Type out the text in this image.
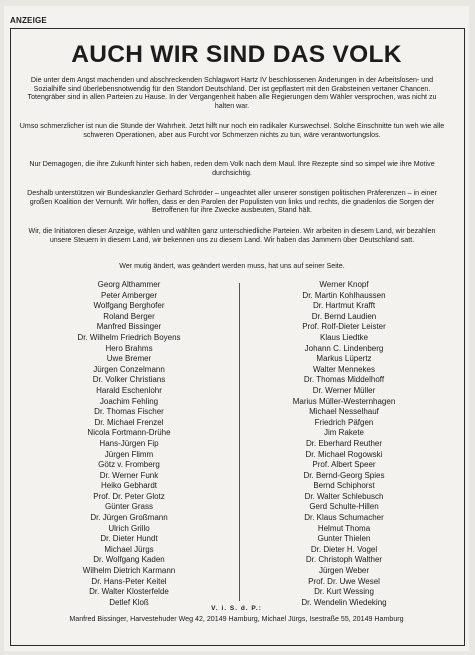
ANZEIGE
AUCH WIR SIND DAS VOLK

Die unter dem Angst machenden und abschreckenden Schlagwort Hartz IV beschlossenen Änderungen in der Arbeitslosen- und Sozialhilfe sind überlebensnotwendig für den Standort Deutschland. Der ist gepflastert mit den Grabsteinen vertaner Chancen. Totengräber sind in allen Parteien zu Hause. In der Vergangenheit haben alle Regierungen dem Wähler versprochen, was nicht zu halten war.

Umso schmerzlicher ist nun die Stunde der Wahrheit. Jetzt hilft nur noch ein radikaler Kurswechsel. Solche Einschnitte tun weh wie alle schweren Operationen, aber aus Furcht vor Schmerzen nichts zu tun, wäre verantwortungslos.

Nur Demagogen, die ihre Zukunft hinter sich haben, reden dem Volk nach dem Maul. Ihre Rezepte sind so simpel wie ihre Motive durchsichtig.

Deshalb unterstützen wir Bundeskanzler Gerhard Schröder – ungeachtet aller unserer sonstigen politischen Präferenzen – in einer großen Koalition der Vernunft. Wir hoffen, dass er den Parolen der Populisten von links und rechts, die gnadenlos die Sorgen der Betroffenen für ihre Zwecke ausbeuten, Stand hält.

Wir, die Initiatoren dieser Anzeige, wählen und wählten ganz unterschiedliche Parteien. Wir arbeiten in diesem Land, wir bezahlen unsere Steuern in diesem Land, wir bekennen uns zu diesem Land. Wir haben das Jammern über Deutschland satt.

Wer mutig ändert, was geändert werden muss, hat uns auf seiner Seite.

Georg Althammer
Peter Amberger
Wolfgang Berghofer
Roland Berger
Manfred Bissinger
Dr. Wilhelm Friedrich Boyens
Hero Brahms
Uwe Bremer
Jürgen Conzelmann
Dr. Volker Christians
Harald Eschenlohr
Joachim Fehling
Dr. Thomas Fischer
Dr. Michael Frenzel
Nicola Fortmann-Drühe
Hans-Jürgen Fip
Jürgen Flimm
Götz v. Fromberg
Dr. Werner Funk
Heiko Gebhardt
Prof. Dr. Peter Glotz
Günter Grass
Dr. Jürgen Großmann
Ulrich Grillo
Dr. Dieter Hundt
Michael Jürgs
Dr. Wolfgang Kaden
Wilhelm Dietrich Karmann
Dr. Hans-Peter Keitel
Dr. Walter Klosterfelde
Detlef Kloß
Werner Knopf
Dr. Martin Kohlhaussen
Dr. Hartmut Krafft
Dr. Bernd Laudien
Prof. Rolf-Dieter Leister
Klaus Liedtke
Johann C. Lindenberg
Markus Lüpertz
Walter Mennekes
Dr. Thomas Middelhoff
Dr. Werner Müller
Marius Müller-Westernhagen
Michael Nesselhauf
Friedrich Päfgen
Jim Rakete
Dr. Eberhard Reuther
Dr. Michael Rogowski
Prof. Albert Speer
Dr. Bernd-Georg Spies
Bernd Schiphorst
Dr. Walter Schlebusch
Gerd Schulte-Hillen
Dr. Klaus Schumacher
Helmut Thoma
Gunter Thielen
Dr. Dieter H. Vogel
Dr. Christoph Walther
Jürgen Weber
Prof. Dr. Uwe Wesel
Dr. Kurt Wessing
Dr. Wendelin Wiedeking
V. i. S. d. P.:
Manfred Bissinger, Harvestehuder Weg 42, 20149 Hamburg, Michael Jürgs, Isestraße 55, 20149 Hamburg
